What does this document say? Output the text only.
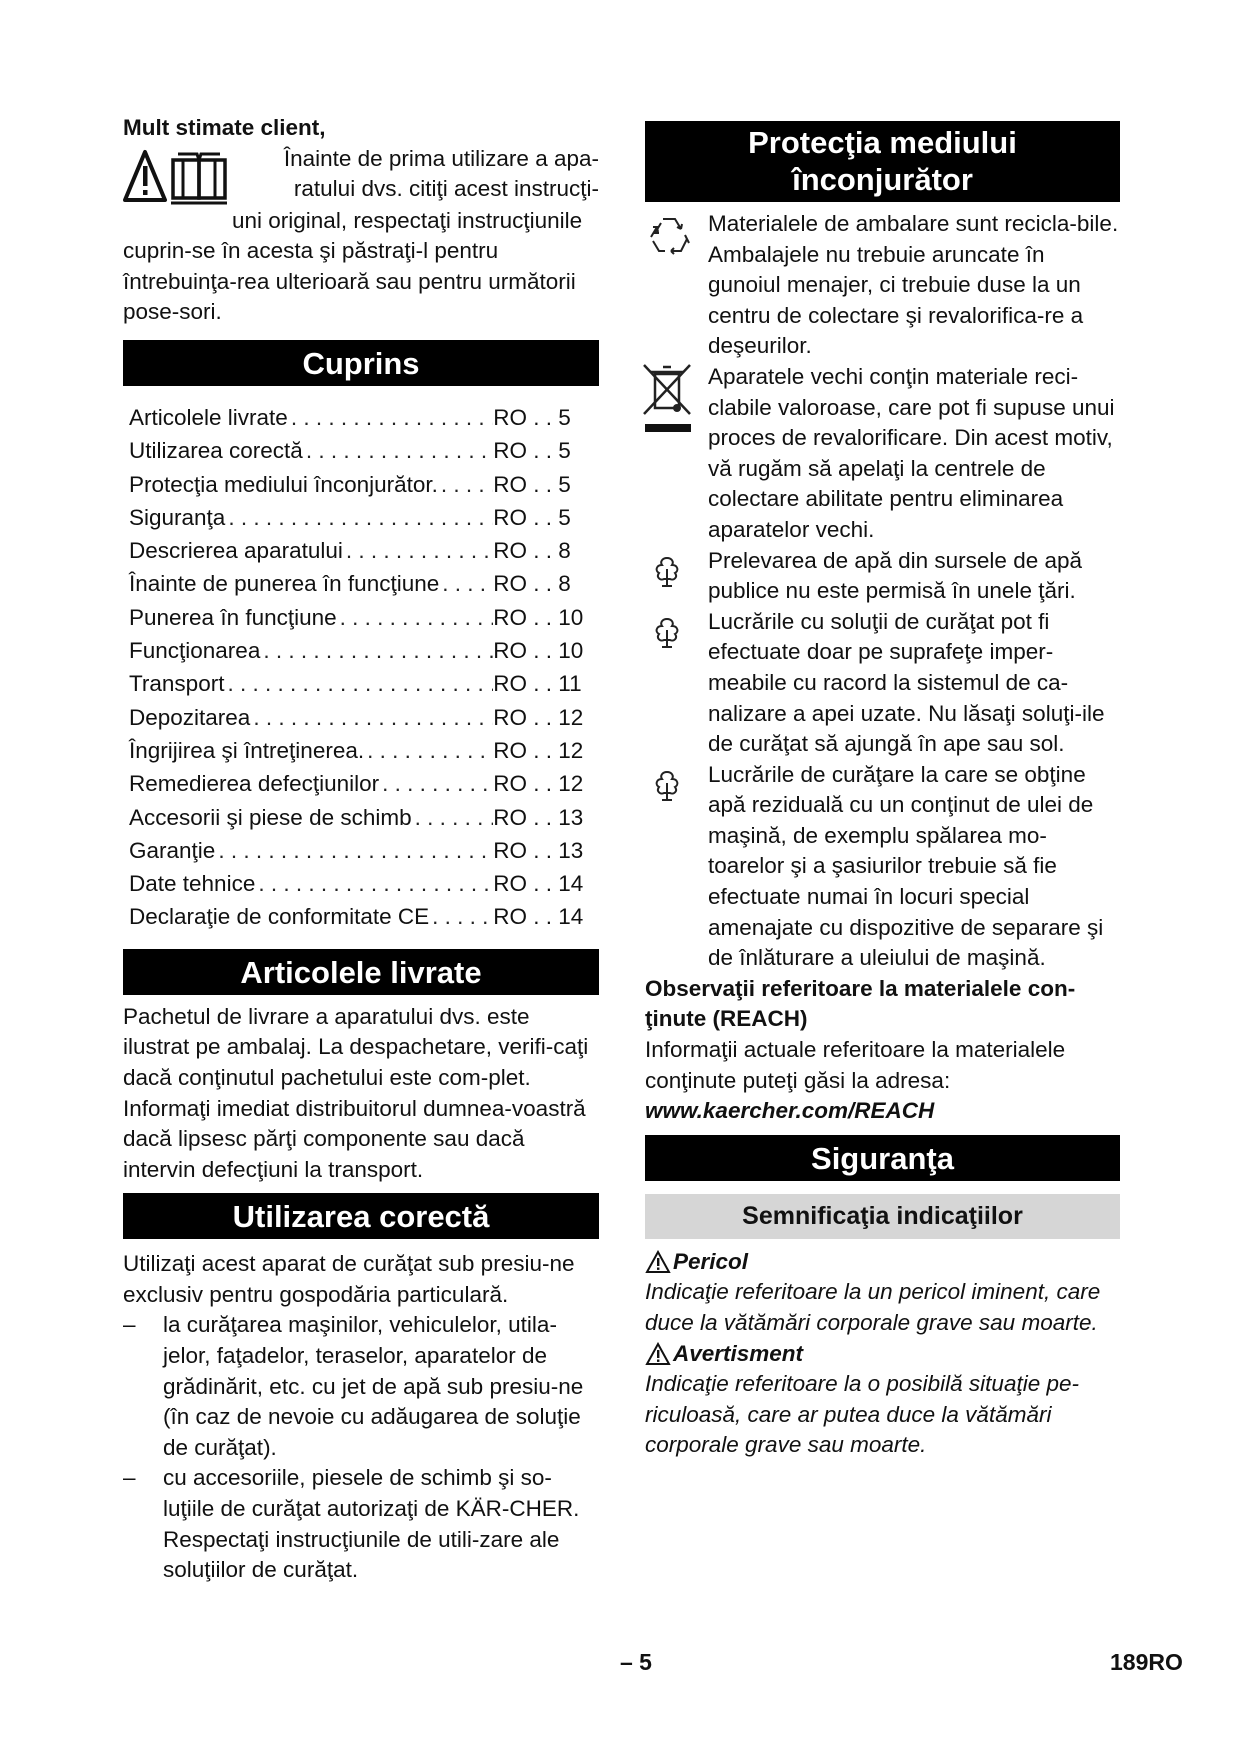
Mult stimate client,

Înainte de prima utilizare a apa-

ratului dvs. citiţi acest instrucţi-

uni original, respectaţi instrucţiunile cuprin-se în acesta şi păstraţi-l pentru întrebuinţa-rea ulterioară sau pentru următorii pose-sori.

Cuprins
Articolele livrate . . .	RO . . 5
Utilizarea corectă . . .	RO . . 5
Protecţia mediului înconjurător. . . . RO . . 5
Siguranţa . . .	RO . . 5
Descrierea aparatului . . .	RO . . 8
Înainte de punerea în funcţiune . . . RO . . 8
Punerea în funcţiune . . .	RO . . 10
Funcţionarea . . .	RO . . 10
Transport . . .	RO . . 11
Depozitarea . . .	RO . . 12
Îngrijirea şi întreţinerea. . . .	RO . . 12
Remedierea defecţiunilor . . .	RO . . 12
Accesorii şi piese de schimb . . .	RO . . 13
Garanţie . . .	RO . . 13
Date tehnice . . .	RO . . 14
Declaraţie de conformitate CE . . .	RO . . 14
Articolele livrate

Pachetul de livrare a aparatului dvs. este ilustrat pe ambalaj. La despachetare, verifi-caţi dacă conţinutul pachetului este com-plet.

Informaţi imediat distribuitorul dumnea-voastră dacă lipsesc părţi componente sau dacă intervin defecţiuni la transport.

Utilizarea corectă

Utilizaţi acest aparat de curăţat sub presiu-ne exclusiv pentru gospodăria particulară.

– la curăţarea maşinilor, vehiculelor, utila-jelor, faţadelor, teraselor, aparatelor de grădinărit, etc. cu jet de apă sub presiu-ne (în caz de nevoie cu adăugarea de soluţie de curăţat).
– cu accesoriile, piesele de schimb şi so-luţiile de curăţat autorizaţi de KÄR-CHER. Respectaţi instrucţiunile de utili-zare ale soluţiilor de curăţat.
Protecţia mediului
înconjurător

Materialele de ambalare sunt recicla-bile. Ambalajele nu trebuie aruncate în gunoiul menajer, ci trebuie duse la un centru de colectare şi revalorifica-re a deşeurilor.

Aparatele vechi conţin materiale reci-clabile valoroase, care pot fi supuse unui proces de revalorificare. Din acest motiv, vă rugăm să apelaţi la centrele de colectare abilitate pentru eliminarea aparatelor vechi.

Prelevarea de apă din sursele de apă publice nu este permisă în unele ţări.

Lucrările cu soluţii de curăţat pot fi efectuate doar pe suprafeţe imper-meabile cu racord la sistemul de ca-nalizare a apei uzate. Nu lăsaţi soluţi-ile de curăţat să ajungă în ape sau sol.

Lucrările de curăţare la care se obţine apă reziduală cu un conţinut de ulei de maşină, de exemplu spălarea mo-toarelor şi a şasiurilor trebuie să fie efectuate numai în locuri special amenajate cu dispozitive de separare şi de înlăturare a uleiului de maşină.

Observaţii referitoare la materialele con-ţinute (REACH)

Informaţii actuale referitoare la materialele conţinute puteţi găsi la adresa:

www.kaercher.com/REACH

Siguranţa
Semnificaţia indicaţiilor
Pericol

Indicaţie referitoare la un pericol iminent, care duce la vătămări corporale grave sau moarte.

Avertisment

Indicaţie referitoare la o posibilă situaţie pe-riculoasă, care ar putea duce la vătămări corporale grave sau moarte.

– 5	189RO
